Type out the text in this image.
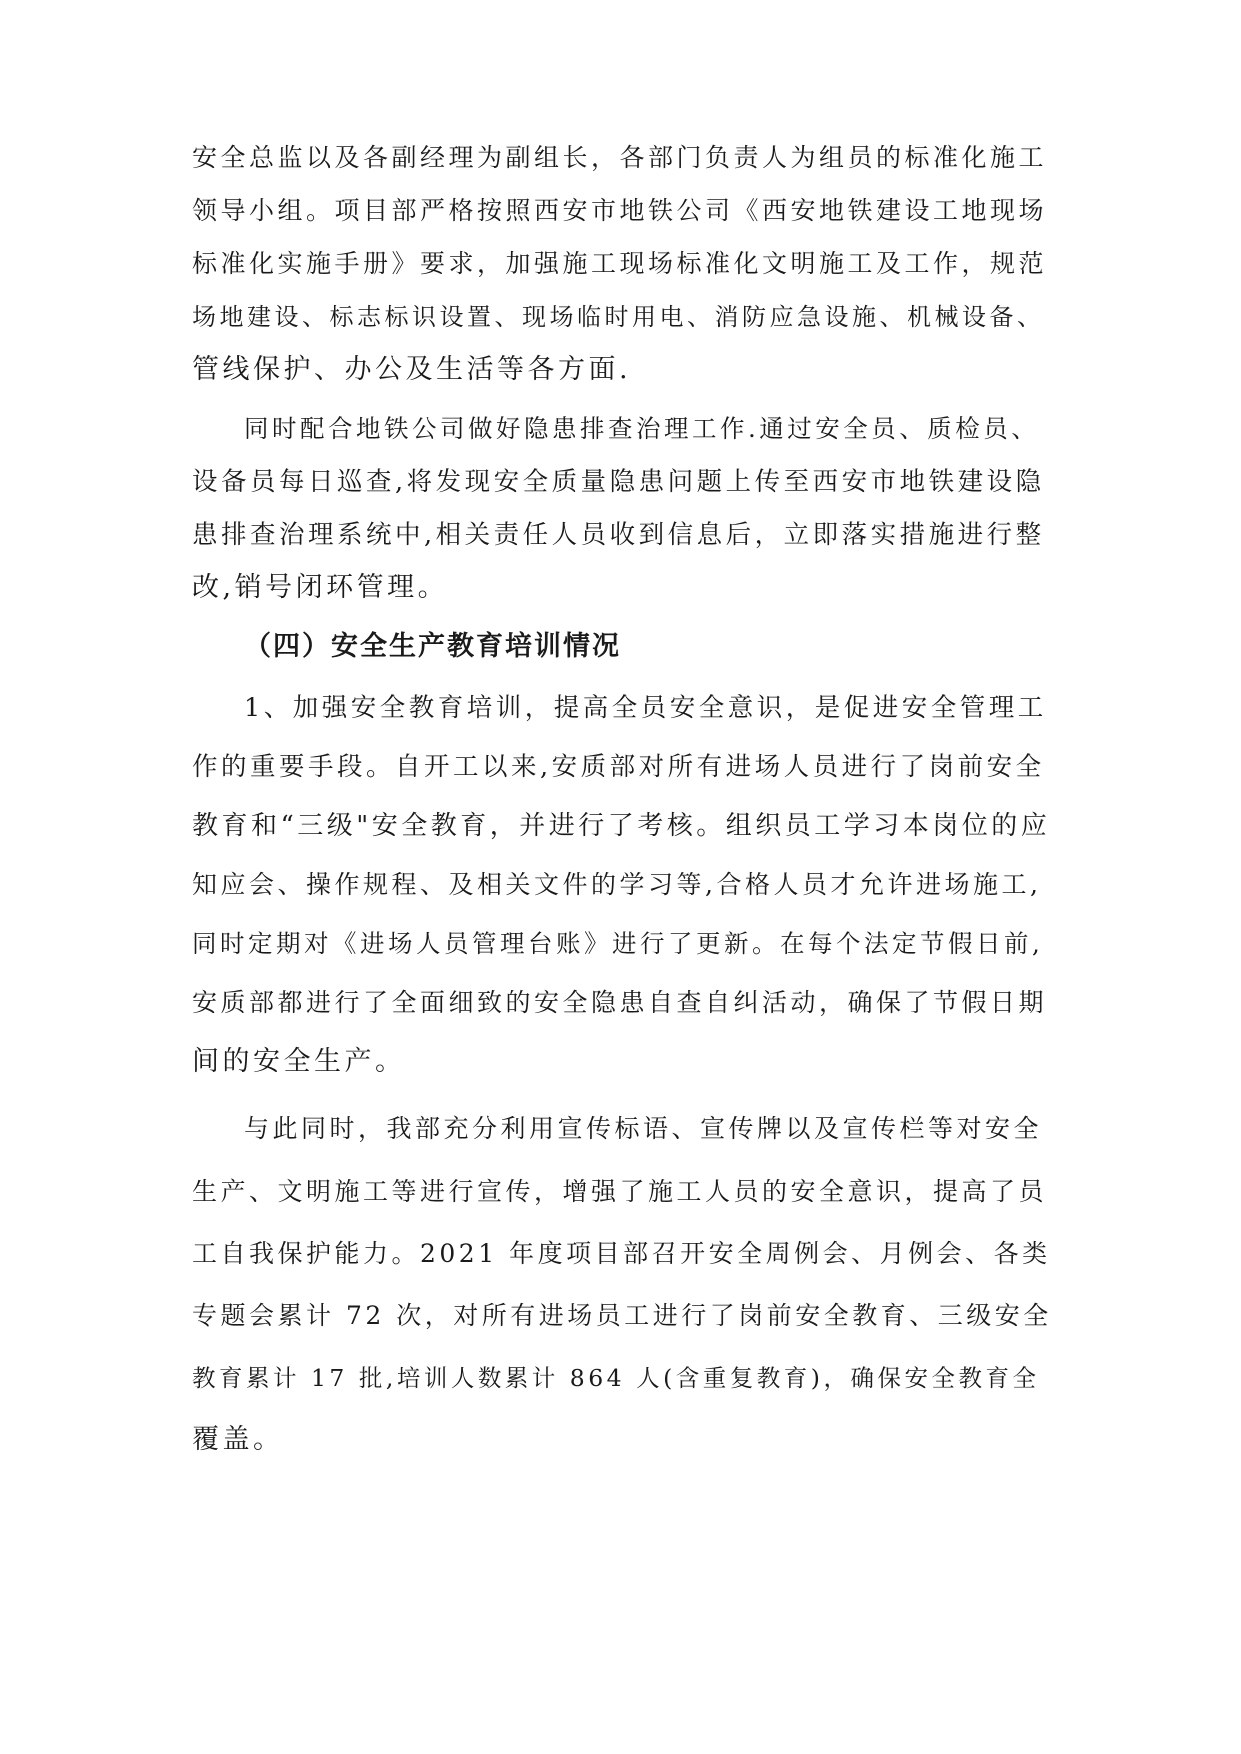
安全总监以及各副经理为副组长，各部门负责人为组员的标准化施工
领导小组。项目部严格按照西安市地铁公司《西安地铁建设工地现场
标准化实施手册》要求，加强施工现场标准化文明施工及工作，规范
场地建设、标志标识设置、现场临时用电、消防应急设施、机械设备、
管线保护、办公及生活等各方面.
同时配合地铁公司做好隐患排查治理工作.通过安全员、质检员、
设备员每日巡查,将发现安全质量隐患问题上传至西安市地铁建设隐
患排查治理系统中,相关责任人员收到信息后，立即落实措施进行整
改,销号闭环管理。
（四）安全生产教育培训情况
1、加强安全教育培训，提高全员安全意识，是促进安全管理工
作的重要手段。自开工以来,安质部对所有进场人员进行了岗前安全
教育和“三级"安全教育，并进行了考核。组织员工学习本岗位的应
知应会、操作规程、及相关文件的学习等,合格人员才允许进场施工,
同时定期对《进场人员管理台账》进行了更新。在每个法定节假日前,
安质部都进行了全面细致的安全隐患自查自纠活动，确保了节假日期
间的安全生产。
与此同时，我部充分利用宣传标语、宣传牌以及宣传栏等对安全
生产、文明施工等进行宣传，增强了施工人员的安全意识，提高了员
工自我保护能力。2021 年度项目部召开安全周例会、月例会、各类
专题会累计 72 次，对所有进场员工进行了岗前安全教育、三级安全
教育累计 17 批,培训人数累计 864 人(含重复教育)，确保安全教育全
覆盖。
